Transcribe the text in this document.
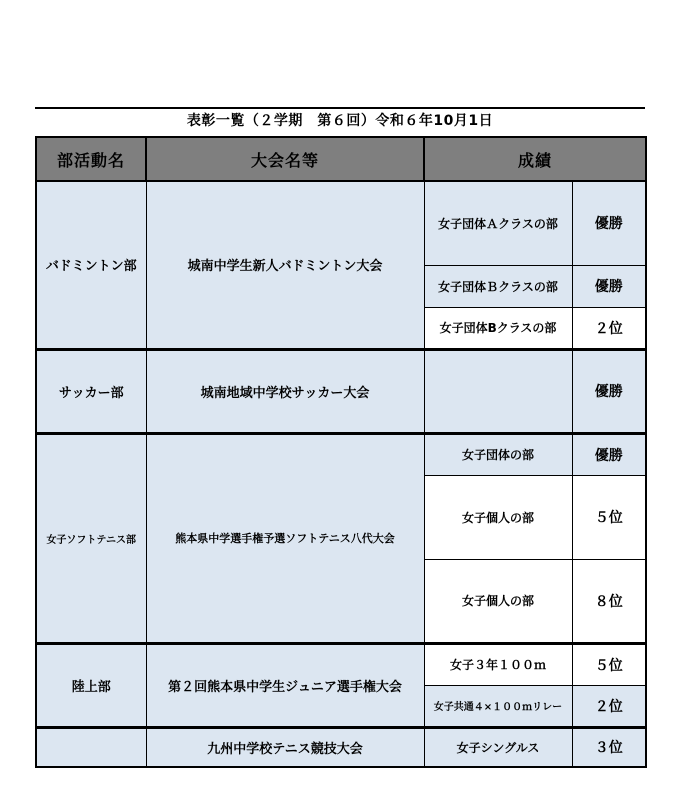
表彰一覧（２学期　第６回）令和６年10月1日
部活動名	大会名等	成績	
バドミントン部	城南中学生新人バドミントン大会	女子団体Ａクラスの部	優勝
		女子団体Ｂクラスの部	優勝
		女子団体Bクラスの部	２位
サッカー部	城南地域中学校サッカー大会		優勝
女子ソフトテニス部	熊本県中学選手権予選ソフトテニス八代大会	女子団体の部	優勝
		女子個人の部	５位
		女子個人の部	８位
陸上部	第２回熊本県中学生ジュニア選手権大会	女子３年１００ｍ	５位
		女子共通４×１００ｍリレー	２位
	九州中学校テニス競技大会	女子シングルス	３位
